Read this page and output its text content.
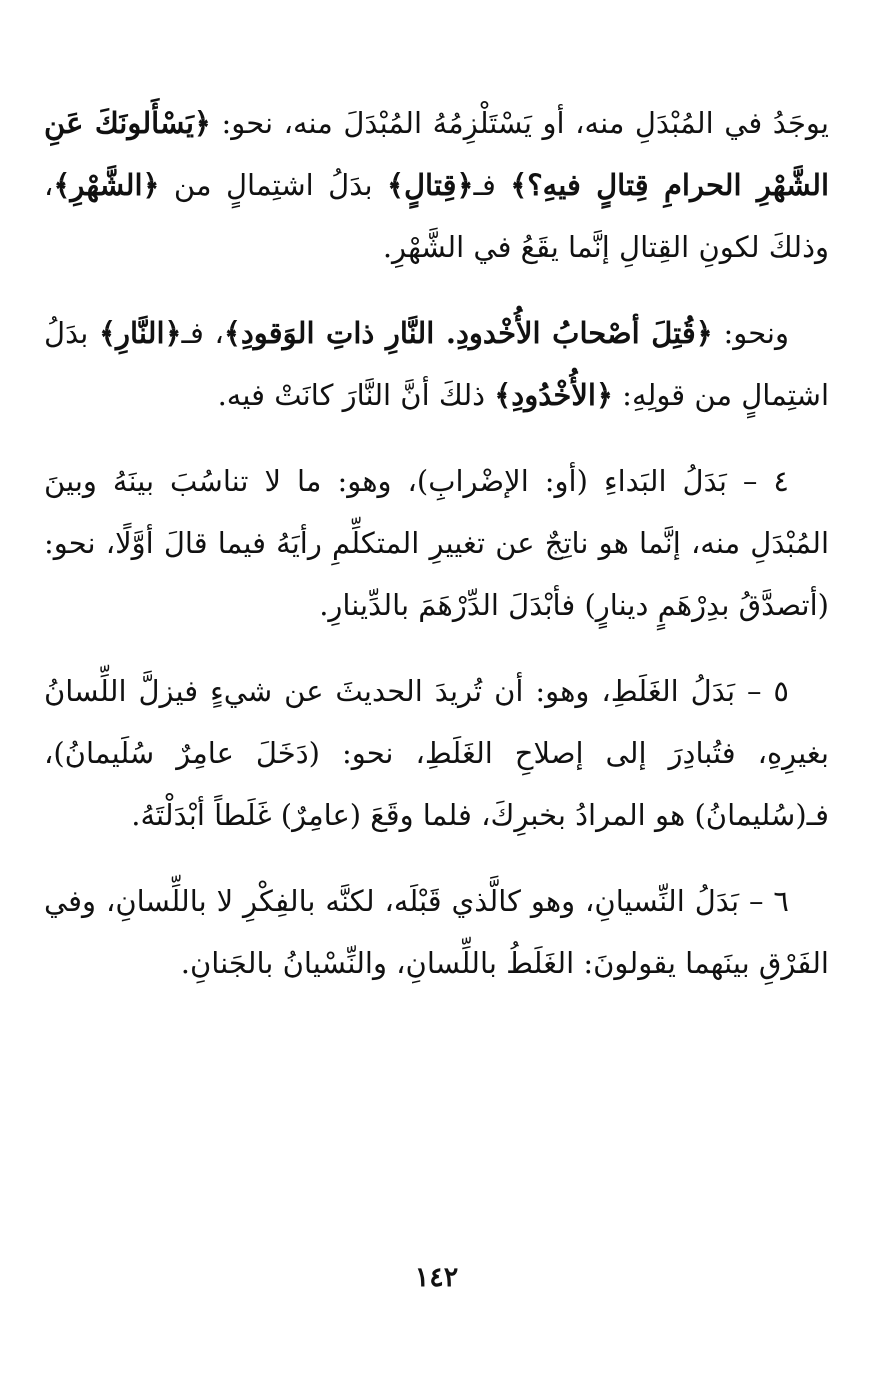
يوجَدُ في المُبْدَلِ منه، أو يَسْتَلْزِمُهُ المُبْدَلَ منه، نحو: ﴿يَسْأَلونَكَ عَنِ الشَّهْرِ الحرامِ قِتالٍ فيهِ؟﴾ فـ﴿قِتالٍ﴾ بدَلُ اشتِمالٍ من ﴿الشَّهْرِ﴾، وذلكَ لكونِ القِتالِ إنَّما يقَعُ في الشَّهْرِ.

ونحو: ﴿قُتِلَ أصْحابُ الأُخْدودِ. النَّارِ ذاتِ الوَقودِ﴾، فـ﴿النَّارِ﴾ بدَلُ اشتِمالٍ من قولِهِ: ﴿الأُخْدُودِ﴾ ذلكَ أنَّ النَّارَ كانَتْ فيه.

٤ – بَدَلُ البَداءِ (أو: الإضْرابِ)، وهو: ما لا تناسُبَ بينَهُ وبينَ المُبْدَلِ منه، إنَّما هو ناتِجٌ عن تغييرِ المتكلِّمِ رأيَهُ فيما قالَ أوَّلًا، نحو: (أتصدَّقُ بدِرْهَمٍ دينارٍ) فأبْدَلَ الدِّرْهَمَ بالدِّينارِ.

٥ – بَدَلُ الغَلَطِ، وهو: أن تُريدَ الحديثَ عن شيءٍ فيزلَّ اللِّسانُ بغيرِهِ، فتُبادِرَ إلى إصلاحِ الغَلَطِ، نحو: (دَخَلَ عامِرٌ سُلَيمانُ)، فـ(سُليمانُ) هو المرادُ بخبرِكَ، فلما وقَعَ (عامِرٌ) غَلَطاً أبْدَلْتَهُ.

٦ – بَدَلُ النِّسيانِ، وهو كالَّذي قَبْلَه، لكنَّه بالفِكْرِ لا باللِّسانِ، وفي الفَرْقِ بينَهما يقولونَ: الغَلَطُ باللِّسانِ، والنِّسْيانُ بالجَنانِ.

١٤٢
